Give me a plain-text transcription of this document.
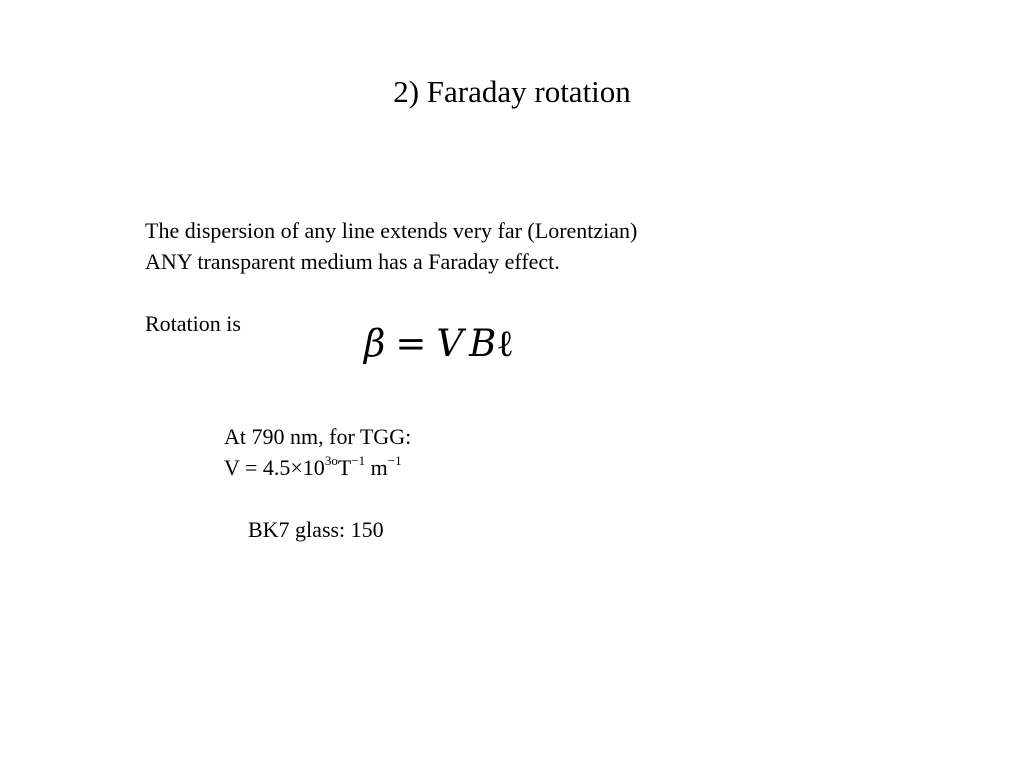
2) Faraday rotation
The dispersion of any line extends very far (Lorentzian)
ANY transparent medium has a Faraday effect.
Rotation is	β = V Bℓ
At 790 nm, for TGG:
$V = 4.5\times 10^{3o}T^{-1}$ $m^{-1}$
BK7 glass: 150
